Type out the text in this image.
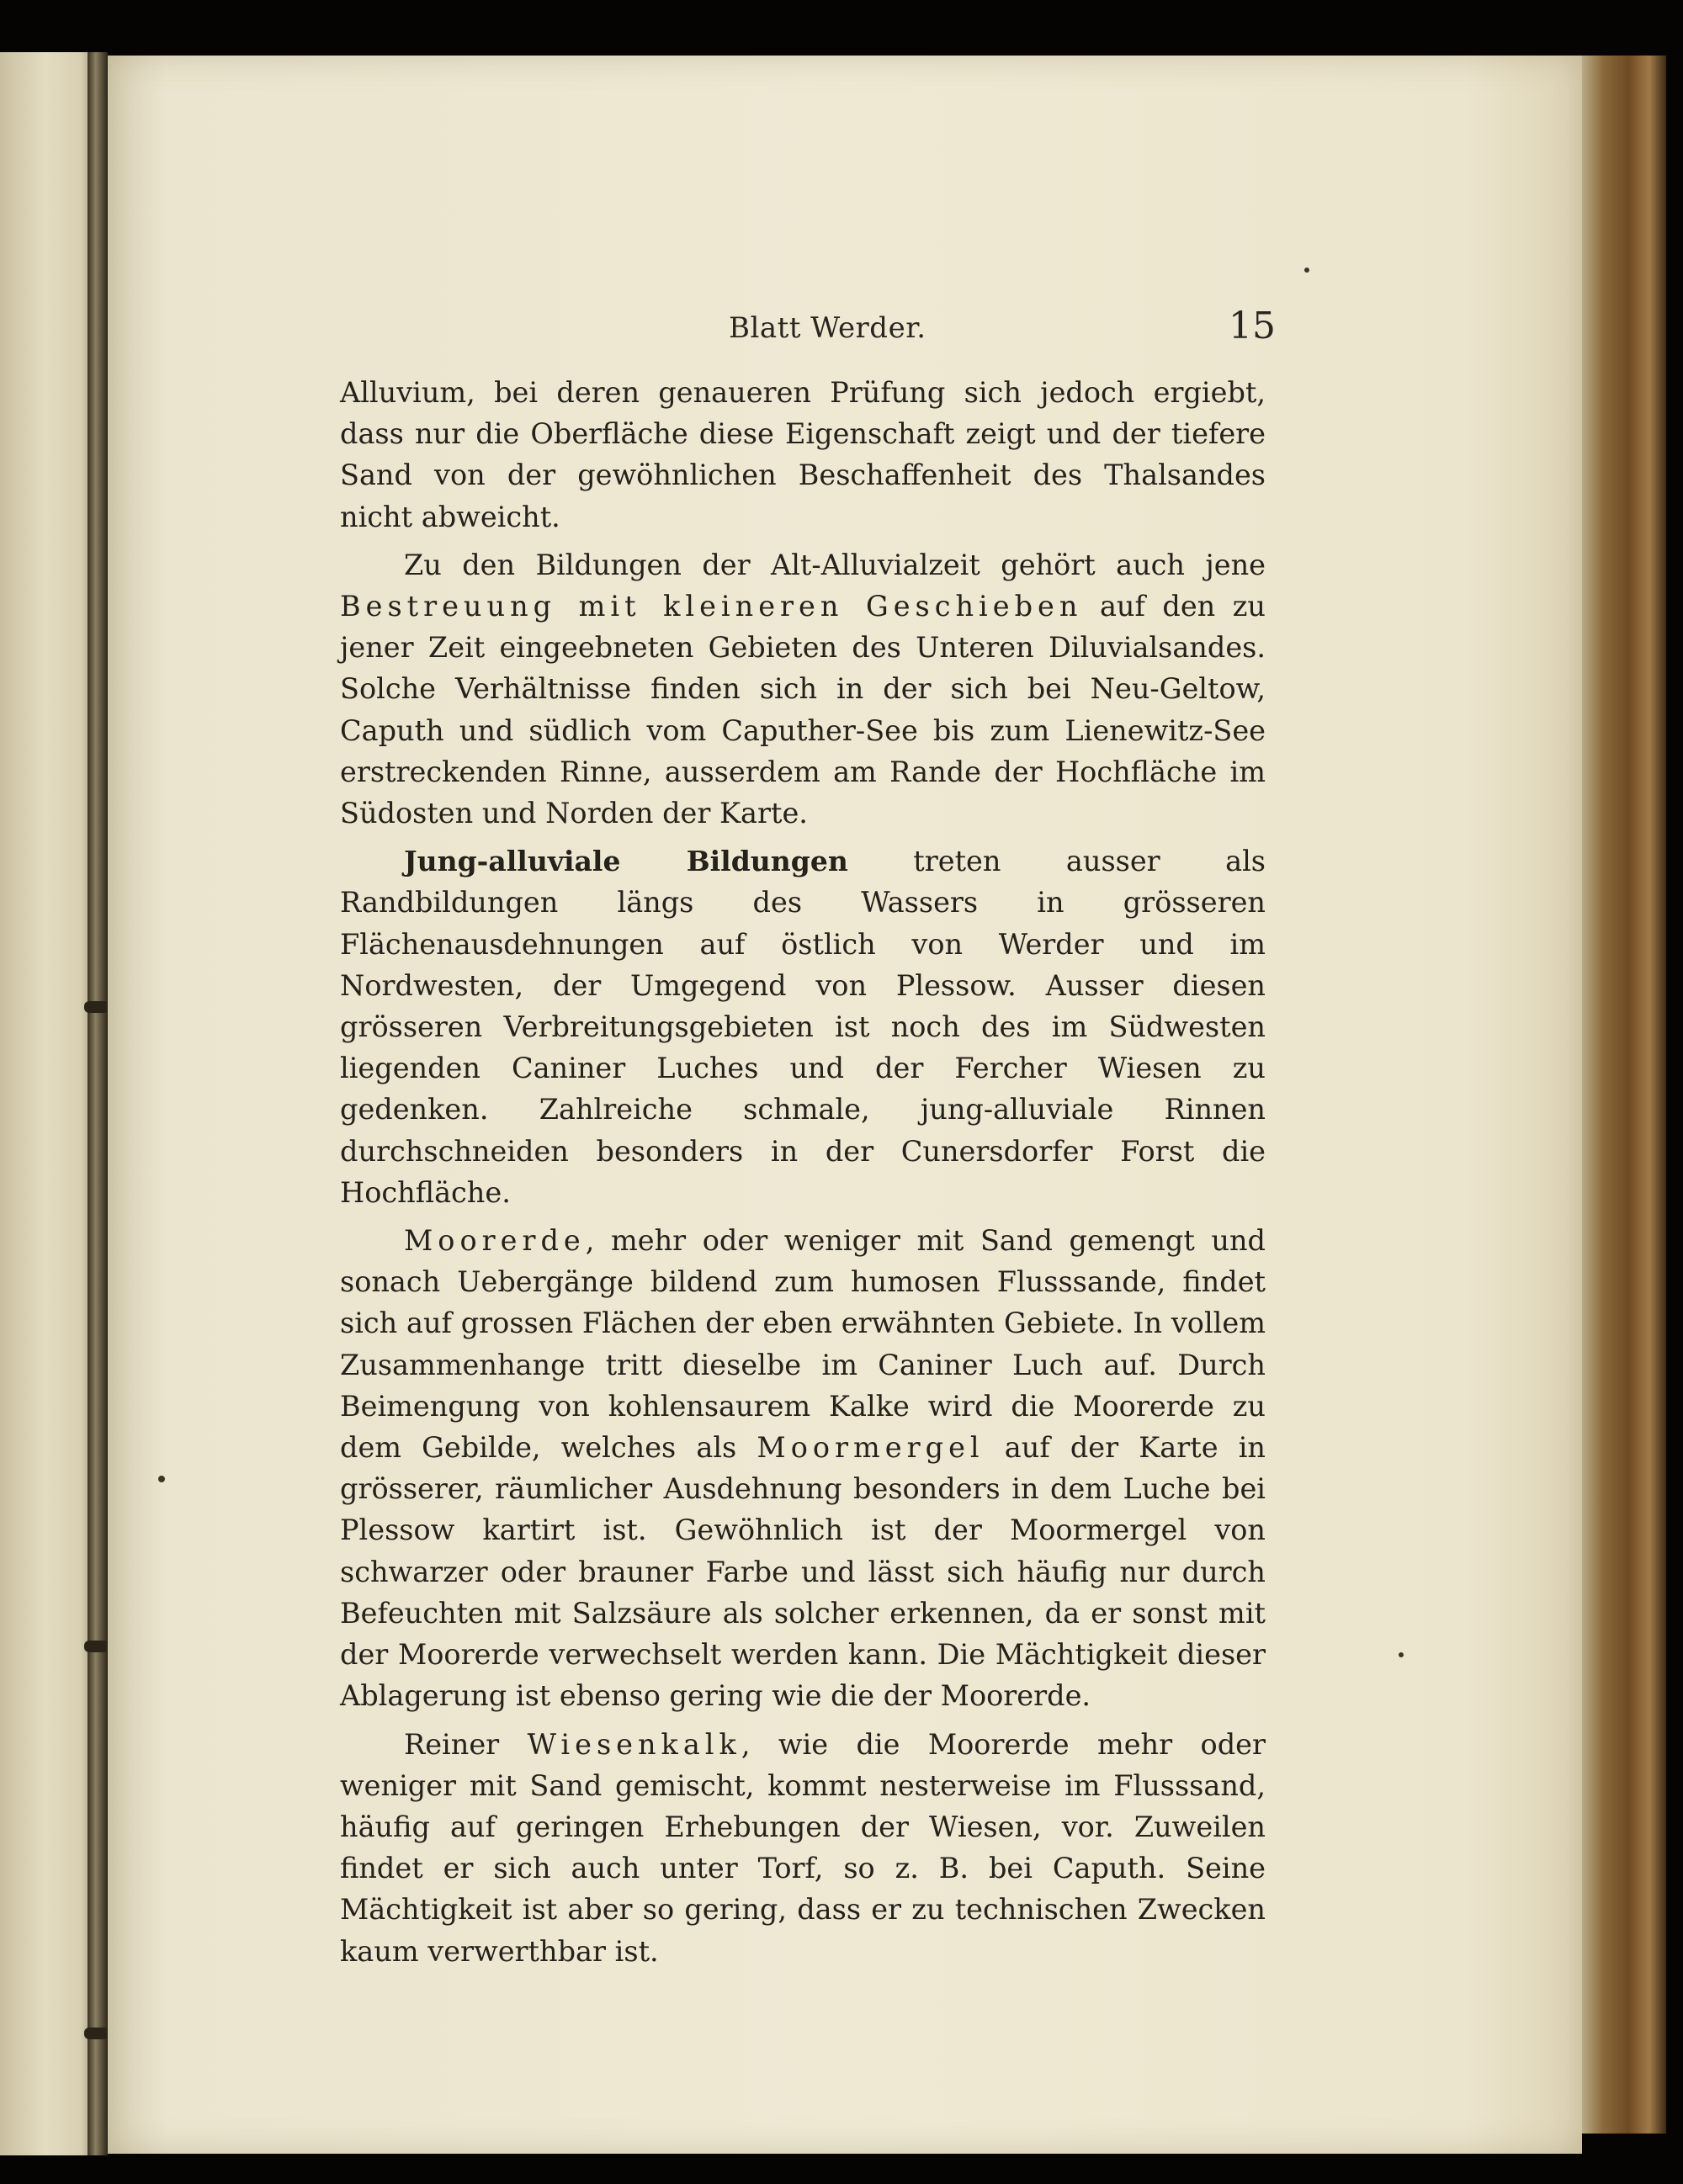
Blatt Werder.	15

Alluvium, bei deren genaueren Prüfung sich jedoch ergiebt, dass nur die Oberfläche diese Eigenschaft zeigt und der tiefere Sand von der gewöhnlichen Beschaffenheit des Thalsandes nicht abweicht.

Zu den Bildungen der Alt-Alluvialzeit gehört auch jene Bestreuung mit kleineren Geschieben auf den zu jener Zeit eingeebneten Gebieten des Unteren Diluvialsandes. Solche Verhältnisse finden sich in der sich bei Neu-Geltow, Caputh und südlich vom Caputher-See bis zum Lienewitz-See erstreckenden Rinne, ausserdem am Rande der Hochfläche im Südosten und Norden der Karte.

Jung-alluviale Bildungen treten ausser als Randbildungen längs des Wassers in grösseren Flächenausdehnungen auf östlich von Werder und im Nordwesten, der Umgegend von Plessow. Ausser diesen grösseren Verbreitungsgebieten ist noch des im Südwesten liegenden Caniner Luches und der Fercher Wiesen zu gedenken. Zahlreiche schmale, jung-alluviale Rinnen durchschneiden besonders in der Cunersdorfer Forst die Hochfläche.

Moorerde, mehr oder weniger mit Sand gemengt und sonach Uebergänge bildend zum humosen Flusssande, findet sich auf grossen Flächen der eben erwähnten Gebiete. In vollem Zusammenhange tritt dieselbe im Caniner Luch auf. Durch Beimengung von kohlensaurem Kalke wird die Moorerde zu dem Gebilde, welches als Moormergel auf der Karte in grösserer, räumlicher Ausdehnung besonders in dem Luche bei Plessow kartirt ist. Gewöhnlich ist der Moormergel von schwarzer oder brauner Farbe und lässt sich häufig nur durch Befeuchten mit Salzsäure als solcher erkennen, da er sonst mit der Moorerde verwechselt werden kann. Die Mächtigkeit dieser Ablagerung ist ebenso gering wie die der Moorerde.

Reiner Wiesenkalk, wie die Moorerde mehr oder weniger mit Sand gemischt, kommt nesterweise im Flusssand, häufig auf geringen Erhebungen der Wiesen, vor. Zuweilen findet er sich auch unter Torf, so z. B. bei Caputh. Seine Mächtigkeit ist aber so gering, dass er zu technischen Zwecken kaum verwerthbar ist.
